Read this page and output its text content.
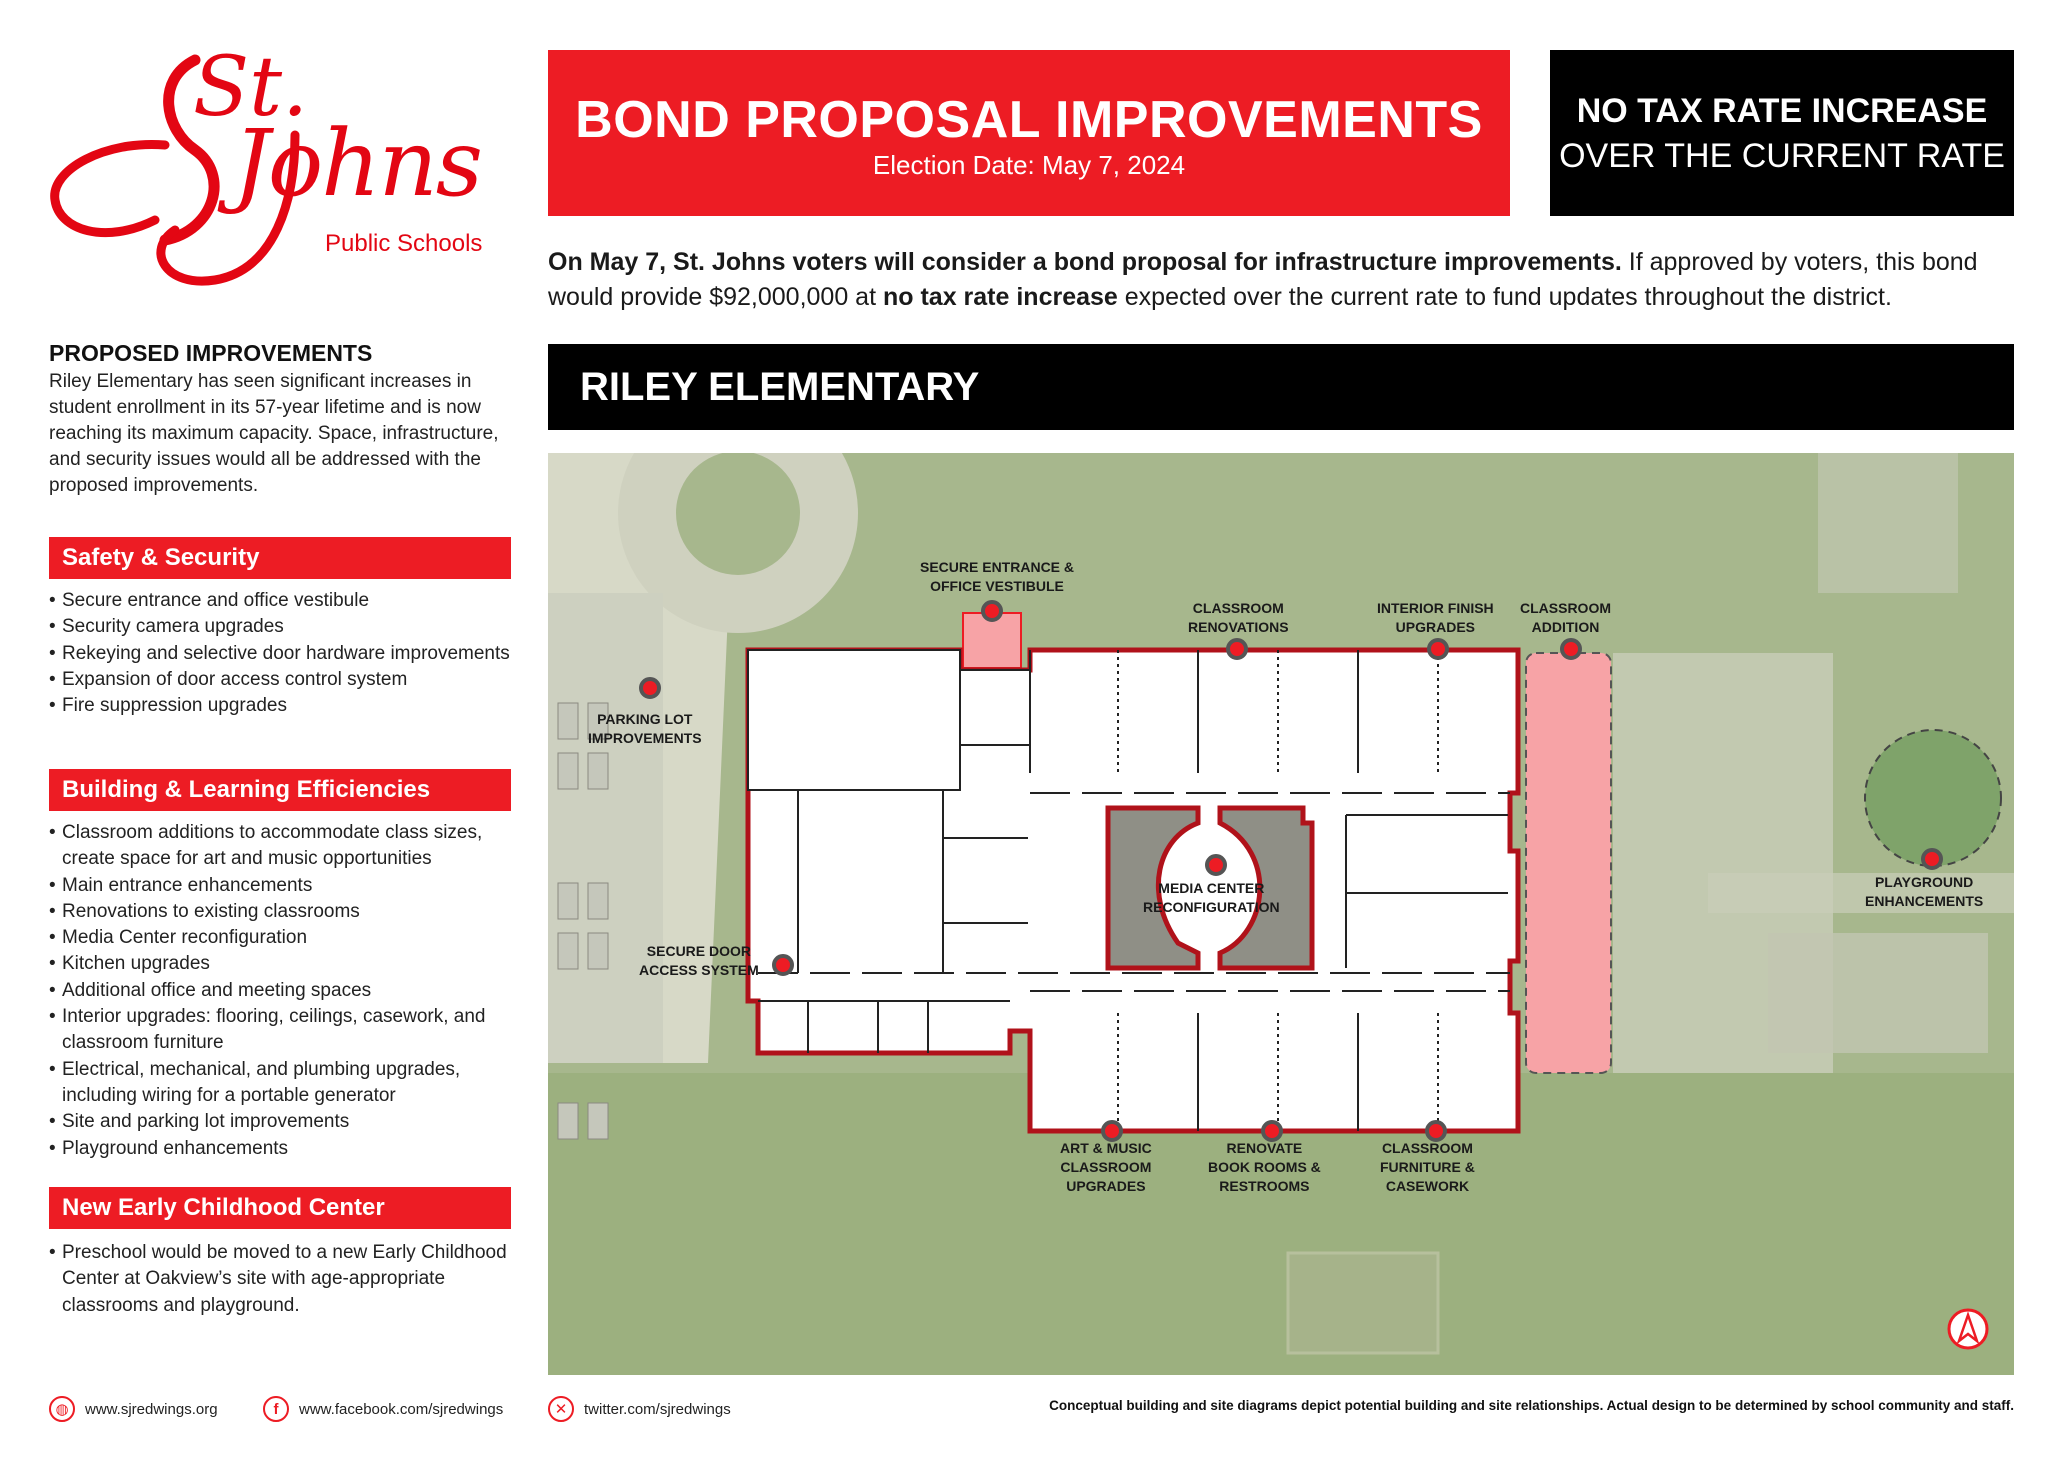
St.
Johns
Public Schools
BOND PROPOSAL IMPROVEMENTS
Election Date: May 7, 2024
NO TAX RATE INCREASE
OVER THE CURRENT RATE

On May 7, St. Johns voters will consider a bond proposal for infrastructure improvements. If approved by voters, this bond would provide $92,000,000 at no tax rate increase expected over the current rate to fund updates throughout the district.

RILEY ELEMENTARY
PROPOSED IMPROVEMENTS
Riley Elementary has seen significant increases in student enrollment in its 57-year lifetime and is now reaching its maximum capacity. Space, infrastructure, and security issues would all be addressed with the proposed improvements.
Safety & Security
• Secure entrance and office vestibule
• Security camera upgrades
• Rekeying and selective door hardware improvements
• Expansion of door access control system
• Fire suppression upgrades
Building & Learning Efficiencies
• Classroom additions to accommodate class sizes, create space for art and music opportunities
• Main entrance enhancements
• Renovations to existing classrooms
• Media Center reconfiguration
• Kitchen upgrades
• Additional office and meeting spaces
• Interior upgrades: flooring, ceilings, casework, and classroom furniture
• Electrical, mechanical, and plumbing upgrades, including wiring for a portable generator
• Site and parking lot improvements
• Playground enhancements
New Early Childhood Center
• Preschool would be moved to a new Early Childhood Center at Oakview’s site with age-appropriate classrooms and playground.
SECURE ENTRANCE &
OFFICE VESTIBULE
CLASSROOM
RENOVATIONS
INTERIOR FINISH
UPGRADES
CLASSROOM
ADDITION
PARKING LOT
IMPROVEMENTS
MEDIA CENTER
RECONFIGURATION
PLAYGROUND
ENHANCEMENTS
SECURE DOOR
ACCESS SYSTEM
ART & MUSIC
CLASSROOM
UPGRADES
RENOVATE
BOOK ROOMS &
RESTROOMS
CLASSROOM
FURNITURE &
CASEWORK
◍	www.sjredwings.org	f	www.facebook.com/sjredwings	✕	twitter.com/sjredwings	Conceptual building and site diagrams depict potential building and site relationships. Actual design to be determined by school community and staff.
